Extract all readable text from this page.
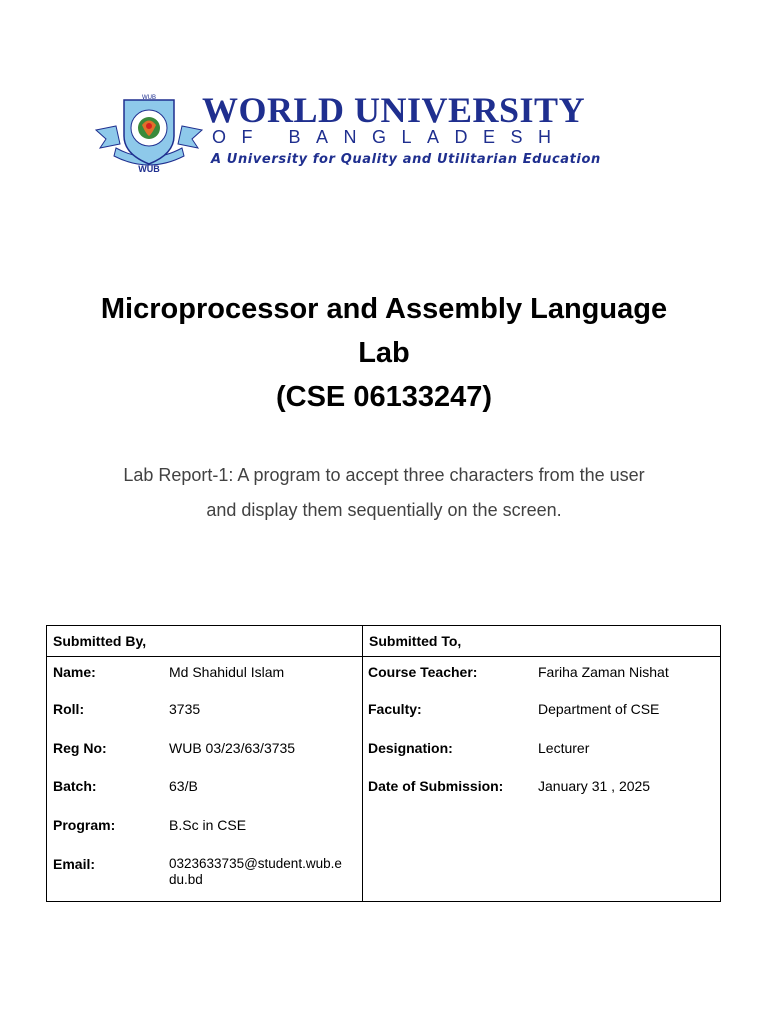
WUB
WUB
WORLD UNIVERSITY
OF BANGLADESH
A University for Quality and Utilitarian Education
Microprocessor and Assembly Language
Lab
(CSE 06133247)
Lab Report-1: A program to accept three characters from the user
and display them sequentially on the screen.
Submitted By,	Submitted To,

Name:	Md Shahidul Islam
Roll:	3735
Reg No:	WUB 03/23/63/3735
Batch:	63/B
Program:	B.Sc in CSE
Email:	0323633735@student.wub.e
du.bd

Course Teacher:	Fariha Zaman Nishat
Faculty:	Department of CSE
Designation:	Lecturer
Date of Submission:	January 31 , 2025
